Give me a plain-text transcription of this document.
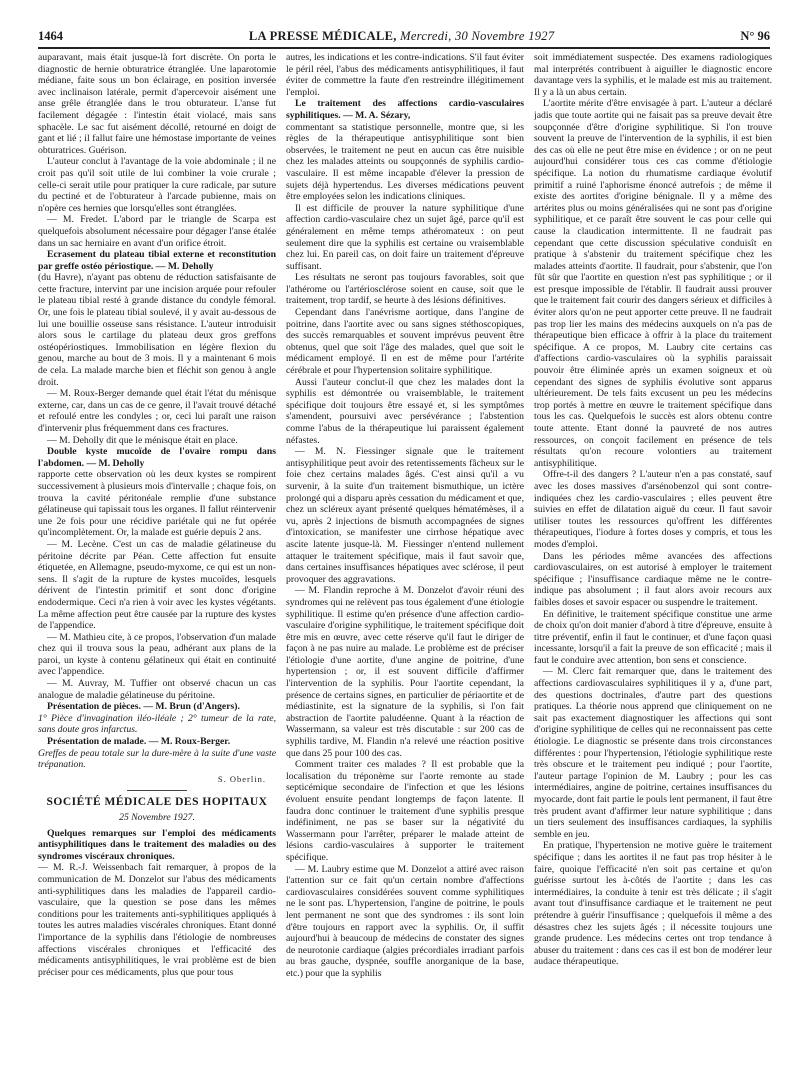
1464	LA PRESSE MÉDICALE, Mercredi, 30 Novembre 1927	N° 96

auparavant, mais était jusque-là fort discrète. On porta le diagnostic de hernie obturatrice étranglée. Une laparotomie médiane, faite sous un bon éclairage, en position inversée avec inclinaison latérale, permit d'apercevoir aisément une anse grêle étranglée dans le trou obturateur. L'anse fut facilement dégagée : l'intestin était violacé, mais sans sphacèle. Le sac fut aisément décollé, retourné en doigt de gant et lié ; il fallut faire une hémostase importante de veines obturatrices. Guérison.

L'auteur conclut à l'avantage de la voie abdominale ; il ne croit pas qu'il soit utile de lui combiner la voie crurale ; celle-ci serait utile pour pratiquer la cure radicale, par suture du pectiné et de l'obturateur à l'arcade pubienne, mais on n'opère ces hernies que lorsqu'elles sont étranglées.

— M. Fredet. L'abord par le triangle de Scarpa est quelquefois absolument nécessaire pour dégager l'anse étalée dans un sac herniaire en avant d'un orifice étroit.

Ecrasement du plateau tibial externe et reconstitution par greffe ostéo périostique. — M. Deholly

(du Havre), n'ayant pas obtenu de réduction satisfaisante de cette fracture, intervint par une incision arquée pour refouler le plateau tibial resté à grande distance du condyle fémoral. Or, une fois le plateau tibial soulevé, il y avait au-dessous de lui une bouillie osseuse sans résistance. L'auteur introduisit alors sous le cartilage du plateau deux gros greffons ostéopériostiques. Immobilisation en légère flexion du genou, marche au bout de 3 mois. Il y a maintenant 6 mois de cela. La malade marche bien et fléchit son genou à angle droit.

— M. Roux-Berger demande quel était l'état du ménisque externe, car, dans un cas de ce genre, il l'avait trouvé détaché et refoulé entre les condyles ; or, ceci lui paraît une raison d'intervenir plus fréquemment dans ces fractures.

— M. Deholly dit que le ménisque était en place.

Double kyste mucoïde de l'ovaire rompu dans l'abdomen. — M. Deholly

rapporte cette observation où les deux kystes se rompirent successivement à plusieurs mois d'intervalle ; chaque fois, on trouva la cavité péritonéale remplie d'une substance gélatineuse qui tapissait tous les organes. Il fallut réintervenir une 2e fois pour une récidive pariétale qui ne fut opérée qu'incomplètement. Or, la malade est guérie depuis 2 ans.

— M. Lecène. C'est un cas de maladie gélatineuse du péritoine décrite par Péan. Cette affection fut ensuite étiquetée, en Allemagne, pseudo-myxome, ce qui est un non-sens. Il s'agit de la rupture de kystes mucoïdes, lesquels dérivent de l'intestin primitif et sont donc d'origine endodermique. Ceci n'a rien à voir avec les kystes végétants. La même affection peut être causée par la rupture des kystes de l'appendice.

— M. Mathieu cite, à ce propos, l'observation d'un malade chez qui il trouva sous la peau, adhérant aux plans de la paroi, un kyste à contenu gélatineux qui était en continuité avec l'appendice.

— M. Auvray, M. Tuffier ont observé chacun un cas analogue de maladie gélatineuse du péritoine.

Présentation de pièces. — M. Brun (d'Angers).

1° Pièce d'invagination iléo-iléale ; 2° tumeur de la rate, sans doute gros infarctus.

Présentation de malade. — M. Roux-Berger.

Greffes de peau totale sur la dure-mère à la suite d'une vaste trépanation.

S. Oberlin.
SOCIÉTÉ MÉDICALE DES HOPITAUX
25 Novembre 1927.

Quelques remarques sur l'emploi des médicaments antisyphilitiques dans le traitement des maladies ou des syndromes viscéraux chroniques.

— M. R.-J. Weissenbach fait remarquer, à propos de la communication de M. Donzelot sur l'abus des médicaments anti-syphilitiques dans les maladies de l'appareil cardio-vasculaire, que la question se pose dans les mêmes conditions pour les traitements anti-syphilitiques appliqués à toutes les autres maladies viscérales chroniques. Etant donné l'importance de la syphilis dans l'étiologie de nombreuses affections viscérales chroniques et l'efficacité des médicaments antisyphilitiques, le vrai problème est de bien préciser pour ces médicaments, plus que pour tous

autres, les indications et les contre-indications. S'il faut éviter le péril réel, l'abus des médicaments antisyphilitiques, il faut éviter de commettre la faute d'en restreindre illégitimement l'emploi.

Le traitement des affections cardio-vasculaires syphilitiques. — M. A. Sézary,

commentant sa statistique personnelle, montre que, si les règles de la thérapeutique antisyphilitique sont bien observées, le traitement ne peut en aucun cas être nuisible chez les malades atteints ou soupçonnés de syphilis cardio-vasculaire. Il est même incapable d'élever la pression de sujets déjà hypertendus. Les diverses médications peuvent être employées selon les indications cliniques.

Il est difficile de prouver la nature syphilitique d'une affection cardio-vasculaire chez un sujet âgé, parce qu'il est généralement en même temps athéromateux : on peut seulement dire que la syphilis est certaine ou vraisemblable chez lui. En pareil cas, on doit faire un traitement d'épreuve suffisant.

Les résultats ne seront pas toujours favorables, soit que l'athérome ou l'artériosclérose soient en cause, soit que le traitement, trop tardif, se heurte à des lésions définitives.

Cependant dans l'anévrisme aortique, dans l'angine de poitrine, dans l'aortite avec ou sans signes stéthoscopiques, des succès remarquables et souvent imprévus peuvent être obtenus, quel que soit l'âge des malades, quel que soit le médicament employé. Il en est de même pour l'artérite cérébrale et pour l'hypertension solitaire syphilitique.

Aussi l'auteur conclut-il que chez les malades dont la syphilis est démontrée ou vraisemblable, le traitement spécifique doit toujours être essayé et, si les symptômes s'amendent, poursuivi avec persévérance ; l'abstention comme l'abus de la thérapeutique lui paraissent également néfastes.

— M. N. Fiessinger signale que le traitement antisyphilitique peut avoir des retentissements fâcheux sur le foie chez certains malades âgés. C'est ainsi qu'il a vu survenir, à la suite d'un traitement bismuthique, un ictère prolongé qui a disparu après cessation du médicament et que, chez un scléreux ayant présenté quelques hématémèses, il a vu, après 2 injections de bismuth accompagnées de signes d'intoxication, se manifester une cirrhose hépatique avec ascite latente jusque-là. M. Fiessinger n'entend nullement attaquer le traitement spécifique, mais il faut savoir que, dans certaines insuffisances hépatiques avec sclérose, il peut provoquer des aggravations.

— M. Flandin reproche à M. Donzelot d'avoir réuni des syndromes qui ne relèvent pas tous également d'une étiologie syphilitique. Il estime qu'en présence d'une affection cardio-vasculaire d'origine syphilitique, le traitement spécifique doit être mis en œuvre, avec cette réserve qu'il faut le diriger de façon à ne pas nuire au malade. Le problème est de préciser l'étiologie d'une aortite, d'une angine de poitrine, d'une hypertension ; or, il est souvent difficile d'affirmer l'intervention de la syphilis. Pour l'aortite cependant, la présence de certains signes, en particulier de périaortite et de médiastinite, est la signature de la syphilis, si l'on fait abstraction de l'aortite paludéenne. Quant à la réaction de Wassermann, sa valeur est très discutable : sur 200 cas de syphilis tardive, M. Flandin n'a relevé une réaction positive que dans 25 pour 100 des cas.

Comment traiter ces malades ? Il est probable que la localisation du tréponème sur l'aorte remonte au stade septicémique secondaire de l'infection et que les lésions évoluent ensuite pendant longtemps de façon latente. Il faudra donc continuer le traitement d'une syphilis presque indéfiniment, ne pas se baser sur la négativité du Wassermann pour l'arrêter, préparer le malade atteint de lésions cardio-vasculaires à supporter le traitement spécifique.

— M. Laubry estime que M. Donzelot a attiré avec raison l'attention sur ce fait qu'un certain nombre d'affections cardiovasculaires considérées souvent comme syphilitiques ne le sont pas. L'hypertension, l'angine de poitrine, le pouls lent permanent ne sont que des syndromes : ils sont loin d'être toujours en rapport avec la syphilis. Or, il suffit aujourd'hui à beaucoup de médecins de constater des signes de neurotonie cardiaque (algies précordiales irradiant parfois au bras gauche, dyspnée, souffle anorganique de la base, etc.) pour que la syphilis

soit immédiatement suspectée. Des examens radiologiques mal interprétés contribuent à aiguiller le diagnostic encore davantage vers la syphilis, et le malade est mis au traitement. Il y a là un abus certain.

L'aortite mérite d'être envisagée à part. L'auteur a déclaré jadis que toute aortite qui ne faisait pas sa preuve devait être soupçonnée d'être d'origine syphilitique. Si l'on trouve souvent la preuve de l'intervention de la syphilis, il est bien des cas où elle ne peut être mise en évidence ; or on ne peut aujourd'hui considérer tous ces cas comme d'étiologie spécifique. La notion du rhumatisme cardiaque évolutif primitif a ruiné l'aphorisme énoncé autrefois ; de même il existe des aortites d'origine bénignale. Il y a même des artérites plus ou moins généralisées qui ne sont pas d'origine syphilitique, et ce paraît être souvent le cas pour celle qui cause la claudication intermittente. Il ne faudrait pas cependant que cette discussion spéculative conduisît en pratique à s'abstenir du traitement spécifique chez les malades atteints d'aortite. Il faudrait, pour s'abstenir, que l'on fût sûr que l'aortite en question n'est pas syphilitique ; or il est presque impossible de l'établir. Il faudrait aussi prouver que le traitement fait courir des dangers sérieux et difficiles à éviter alors qu'on ne peut apporter cette preuve. Il ne faudrait pas trop lier les mains des médecins auxquels on n'a pas de thérapeutique bien efficace à offrir à la place du traitement spécifique. A ce propos, M. Laubry cite certains cas d'affections cardio-vasculaires où la syphilis paraissait pouvoir être éliminée après un examen soigneux et où cependant des signes de syphilis évolutive sont apparus ultérieurement. De tels faits excusent un peu les médecins trop portés à mettre en œuvre le traitement spécifique dans tous les cas. Quelquefois le succès est alors obtenu contre toute attente. Etant donné la pauvreté de nos autres ressources, on conçoit facilement en présence de tels résultats qu'on recoure volontiers au traitement antisyphilitique.

Offre-t-il des dangers ? L'auteur n'en a pas constaté, sauf avec les doses massives d'arsénobenzol qui sont contre-indiquées chez les cardio-vasculaires ; elles peuvent être suivies en effet de dilatation aiguë du cœur. Il faut savoir utiliser toutes les ressources qu'offrent les différentes thérapeutiques, l'iodure à fortes doses y compris, et tous les modes d'emploi.

Dans les périodes même avancées des affections cardiovasculaires, on est autorisé à employer le traitement spécifique ; l'insuffisance cardiaque même ne le contre-indique pas absolument ; il faut alors avoir recours aux faibles doses et savoir espacer ou suspendre le traitement.

En définitive, le traitement spécifique constitue une arme de choix qu'on doit manier d'abord à titre d'épreuve, ensuite à titre préventif, enfin il faut le continuer, et d'une façon quasi incessante, lorsqu'il a fait la preuve de son efficacité ; mais il faut le conduire avec attention, bon sens et conscience.

— M. Clerc fait remarquer que, dans le traitement des affections cardiovasculaires syphilitiques il y a, d'une part, des questions doctrinales, d'autre part des questions pratiques. La théorie nous apprend que cliniquement on ne sait pas exactement diagnostiquer les affections qui sont d'origine syphilitique de celles qui ne reconnaissent pas cette étiologie. Le diagnostic se présente dans trois circonstances différentes : pour l'hypertension, l'étiologie syphilitique reste très obscure et le traitement peu indiqué ; pour l'aortite, l'auteur partage l'opinion de M. Laubry ; pour les cas intermédiaires, angine de poitrine, certaines insuffisances du myocarde, dont fait partie le pouls lent permanent, il faut être très prudent avant d'affirmer leur nature syphilitique ; dans un tiers seulement des insuffisances cardiaques, la syphilis semble en jeu.

En pratique, l'hypertension ne motive guère le traitement spécifique ; dans les aortites il ne faut pas trop hésiter à le faire, quoique l'efficacité n'en soit pas certaine et qu'on guérisse surtout les à-côtés de l'aortite ; dans les cas intermédiaires, la conduite à tenir est très délicate ; il s'agit avant tout d'insuffisance cardiaque et le traitement ne peut prétendre à guérir l'insuffisance ; quelquefois il même a des désastres chez les sujets âgés ; il nécessite toujours une grande prudence. Les médecins certes ont trop tendance à abuser du traitement : dans ces cas il est bon de modérer leur audace thérapeutique.
